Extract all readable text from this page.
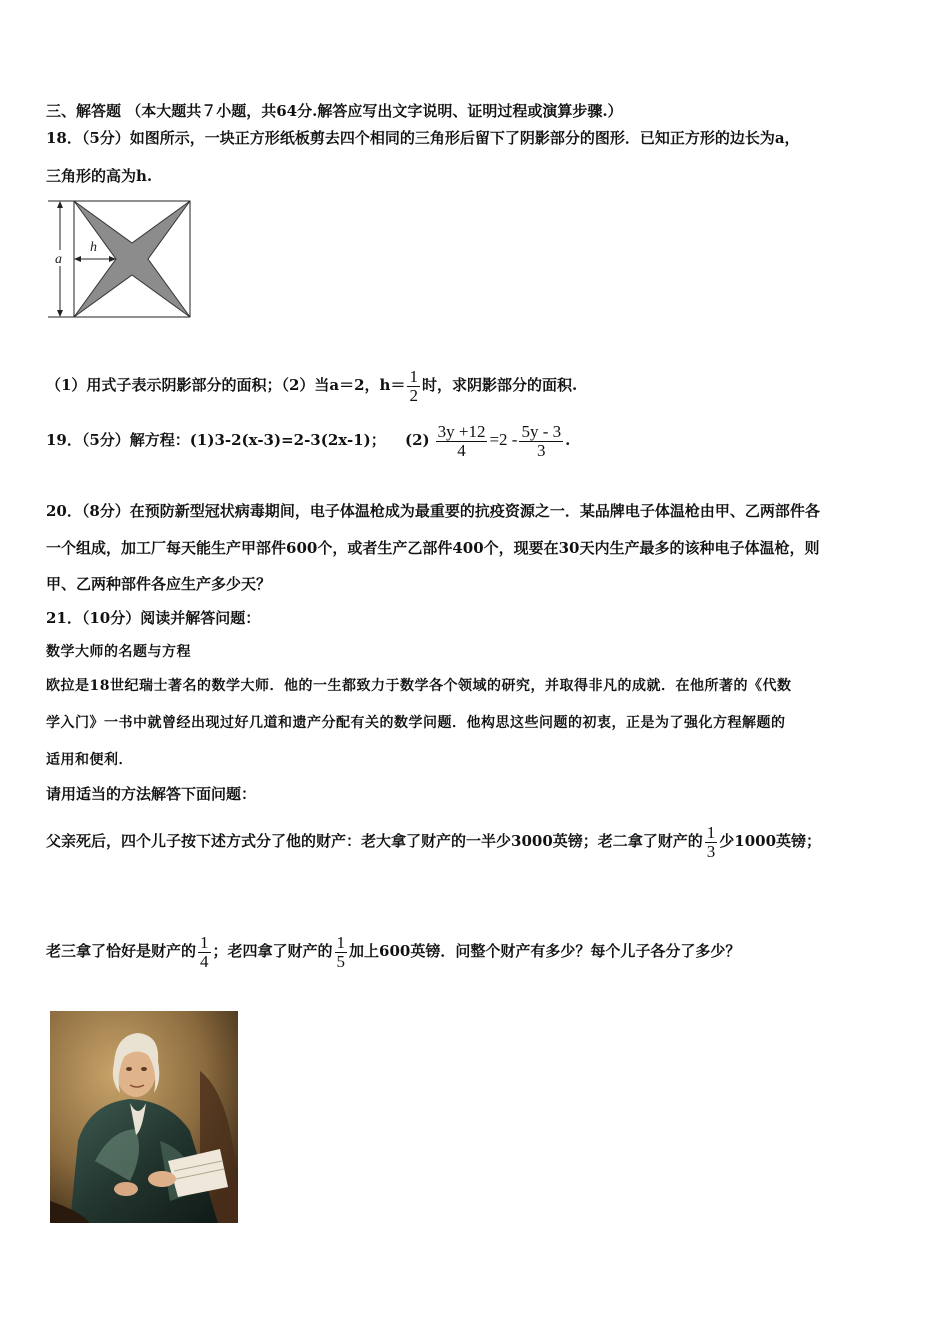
三、解答题 （本大题共７小题，共64分.解答应写出文字说明、证明过程或演算步骤.）
18．（5分）如图所示，一块正方形纸板剪去四个相同的三角形后留下了阴影部分的图形．已知正方形的边长为a，
三角形的高为h.
a
h
（1）用式子表示阴影部分的面积；（2）当a＝2，$h= \frac{1}{2}$ 时，求阴影部分的面积.
19．（5分）解方程：(1)3-2(x-3)=2-3(2x-1)； $(2) \frac{3y +12}{4} =2 - \frac{5y - 3}{3}$ .
20．（8分）在预防新型冠状病毒期间，电子体温枪成为最重要的抗疫资源之一．某品牌电子体温枪由甲、乙两部件各
一个组成，加工厂每天能生产甲部件600个，或者生产乙部件400个，现要在30天内生产最多的该种电子体温枪，则
甲、乙两种部件各应生产多少天？
21．（10分）阅读并解答问题：
数学大师的名题与方程
欧拉是18世纪瑞士著名的数学大师．他的一生都致力于数学各个领域的研究，并取得非凡的成就．在他所著的《代数
学入门》一书中就曾经出现过好几道和遗产分配有关的数学问题．他构思这些问题的初衷，正是为了强化方程解题的
适用和便利．
请用适当的方法解答下面问题：
父亲死后，四个儿子按下述方式分了他的财产：老大拿了财产的一半少3000英镑；老二拿了财产的 $\frac{1}{3}$ 少1000英镑；
老三拿了恰好是财产的 $\frac{1}{4}$ ；老四拿了财产的 $\frac{1}{5}$ 加上600英镑．问整个财产有多少？每个儿子各分了多少？
